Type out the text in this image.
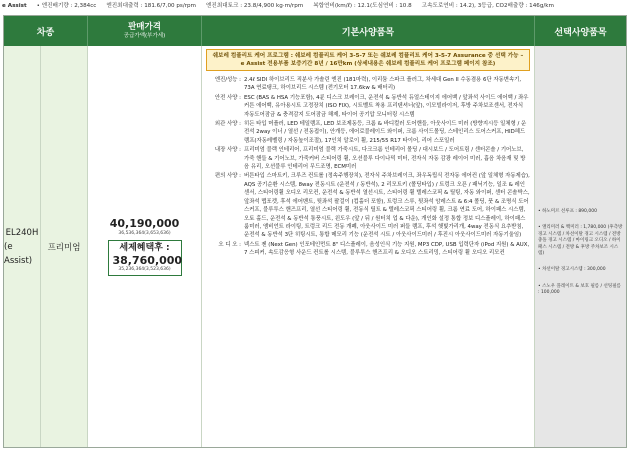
e Assist • 엔진배기량 : 2,384cc 엔진최대출력 : 181.6/7,00 ps/rpm 엔진최대토크 : 23.8/4,900 kg·m/rpm 복합연비(km/ℓ) : 12.1(도심연비 : 10.8 고속도로연비 : 14.2), 3등급, CO2배출량 : 146g/km
차종
판매가격
공급가액(부가세)	기본사양품목	선택사양품목
EL240H
(e Assist)
프리미엄
40,190,000
36,536,364(3,653,636)
세제혜택후 :
38,760,000
35,236,364(3,523,636)
쉐보레 컴플리트 케어 프로그램 : 쉐보레 컴플리트 케어 3-5-7 또는 쉐보레 컴플리트 케어 3-5-7 Assurance 중 선택 가능 – e Assist 전용부품 보증기간 8년 / 16만km (상세내용은 쉐보레 컴플리트 케어 프로그램 페이지 참조)
엔진/성능 : 2.4ℓ SIDI 하이브리드 직분사 가솔린 엔진 (181마력), 이리듐 스파크 플러그, 차세대 Gen II 수동겸용 6단 자동변속기, 73A 연료탱크, 하이브리드 시스템 (전기모터 17.6kw & 배터리)
안전 사양 : ESC (BAS & HSA 기능포함), 4륜 디스크 브레이크, 운전석 & 동반석 듀얼스테이지 에어백 / 앞좌석 사이드 에어백 / 좌우 커튼 에어백, 유아용시트 고정장치 (ISO FIX), 시트벨트 착용 프리텐셔너(앞), 이모빌라이저, 후방 주차보조센서, 전자식 자동도어잠금 & 충격감지 도어잠금 해제, 타이어 공기압 모니터링 시스템
외관 사양 : 히든 타입 머플러, LED 테일램프, LED 보조제동등, 크롬 & 바디컬러 도어핸들, 아웃사이드 미러 (방향지시등 일체형 / 운전석 2way 이너 / 열선 / 전동접이), 안개등, 에어로블레이드 와이퍼, 크롬 사이드몰딩, 스테인리스 도어스커프, HID헤드램프(자동레벨링 / 자동높이조절), 17인치 알로이 휠, 215/55 R17 타이어, 리어 스포일러
내장 사양 : 프리미엄 블랙 인테리어, 프리미엄 블랙 가죽시트, 다크크롬 인테리어 몰딩 / 대시보드 / 도어트림 / 센터콘솔 / 기어노브, 가죽 핸들 & 기어노브, 가죽커버 스티어링 휠, 오션블루 다이나믹 미터, 전자식 자동 감광 레이어 미러, 흡음 차음재 및 방음 유리, 오션블루 인테리어 무드조명, ECM미러
편의 사양 : 버튼타입 스마트키, 크루즈 컨트롤 (정속주행장치), 전자식 주차브레이크, 좌우독립식 전자동 에어컨 (앞 일체형 자동제습), AQS 공기순환 시스템, 8way 전동시트 (운전석 / 동반석), 2 리모트키 (폴딩타입) / 트렁크 오픈 / 패닉기능, 일조 & 레인센서, 스티어링휠 오디오 리모컨, 운전석 & 동반석 열선시트, 스티어링 휠 텔레스코픽 & 틸팅, 자동 와이퍼, 센터 콘솔박스, 앞좌석 맵포켓, 후석 에어벤트, 뒷좌석 팔걸이 (컵홀더 포함), 트렁크 스루, 뒷좌석 암레스트 & 6:4 폴딩, 풋 & 조명식 도어 스커프, 블루투스 핸즈프리, 열선 스티어링 휠, 전동식 틸트 & 텔레스코픽 스티어링 휠, 크롬 연료 도어, 하이패스 시스템, 오토 홀드, 운전석 & 동반석 통풍시트, 윈도우 (앞 / 뒤 / 원터치 업 & 다운), 개인화 설정 통합 정보 디스플레이, 하이패스 룸미러, 앰비언트 라이팅, 트렁크 리드 전동 개폐, 아웃사이드 미러 퍼들 램프, 후석 햇빛가리개, 4way 전동식 요추받침, 운전석 & 동반석 3단 히팅시트, 통합 메모리 기능 (운전석 시트 / 아웃사이드미러 / 후진시 아웃사이드미러 자동기울임)
오 디 오 : 넥스트 젠 (Next Gen) 인포테인먼트 8" 디스플레이, 음성인식 기능 지원, MP3 CDP, USB 입력단자 (iPod 지원) & AUX, 7 스피커, 속도감응형 사운드 컨트롤 시스템, 블루투스 핸즈프리 & 오디오 스트리밍, 스티어링 휠 오디오 리모컨
• 하노미르 선루프 : 890,000
• 앨리미러 & 백미러 : 1,780,000 (후측방 경고 시스템 / 차선이탈 경고 시스템 / 전방충돌 경고 시스템 / 마이링크 오디오 / 하이패스 시스템 / 전방 & 후방 주차보조 시스템)
• 차선이탈 경고시스템 : 300,000
• 스노우 플레이트 & 보호 필름 / 선팅필름 : 100,000
